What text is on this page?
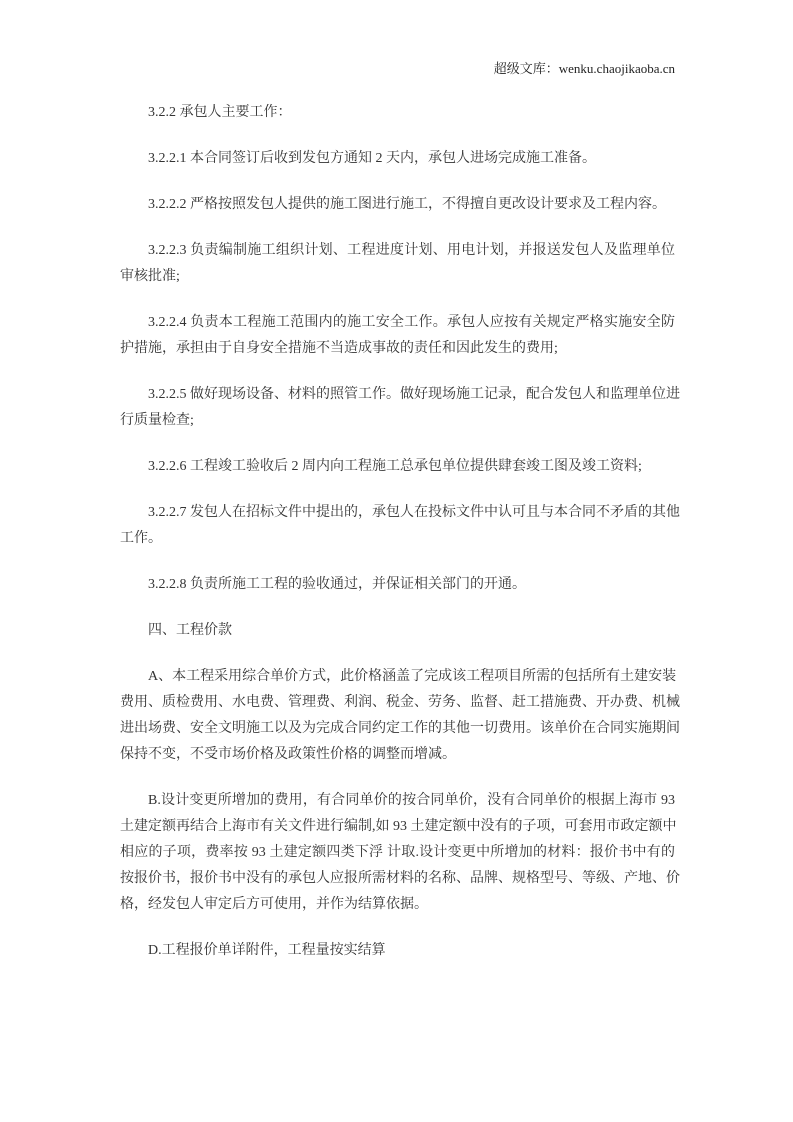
超级文库：wenku.chaojikaoba.cn
3.2.2 承包人主要工作：
3.2.2.1 本合同签订后收到发包方通知 2 天内，承包人进场完成施工准备。
3.2.2.2 严格按照发包人提供的施工图进行施工，不得擅自更改设计要求及工程内容。
3.2.2.3 负责编制施工组织计划、工程进度计划、用电计划，并报送发包人及监理单位
审核批准;
3.2.2.4 负责本工程施工范围内的施工安全工作。承包人应按有关规定严格实施安全防
护措施，承担由于自身安全措施不当造成事故的责任和因此发生的费用;
3.2.2.5 做好现场设备、材料的照管工作。做好现场施工记录，配合发包人和监理单位进
行质量检查;
3.2.2.6 工程竣工验收后 2 周内向工程施工总承包单位提供肆套竣工图及竣工资料;
3.2.2.7 发包人在招标文件中提出的，承包人在投标文件中认可且与本合同不矛盾的其他
工作。
3.2.2.8 负责所施工工程的验收通过，并保证相关部门的开通。
四、工程价款
A、本工程采用综合单价方式，此价格涵盖了完成该工程项目所需的包括所有土建安装
费用、质检费用、水电费、管理费、利润、税金、劳务、监督、赶工措施费、开办费、机械
进出场费、安全文明施工以及为完成合同约定工作的其他一切费用。该单价在合同实施期间
保持不变，不受市场价格及政策性价格的调整而增减。
B.设计变更所增加的费用，有合同单价的按合同单价，没有合同单价的根据上海市 93
土建定额再结合上海市有关文件进行编制,如 93 土建定额中没有的子项，可套用市政定额中
相应的子项，费率按 93 土建定额四类下浮 计取.设计变更中所增加的材料：报价书中有的
按报价书，报价书中没有的承包人应报所需材料的名称、品牌、规格型号、等级、产地、价
格，经发包人审定后方可使用，并作为结算依据。
D.工程报价单详附件，工程量按实结算
